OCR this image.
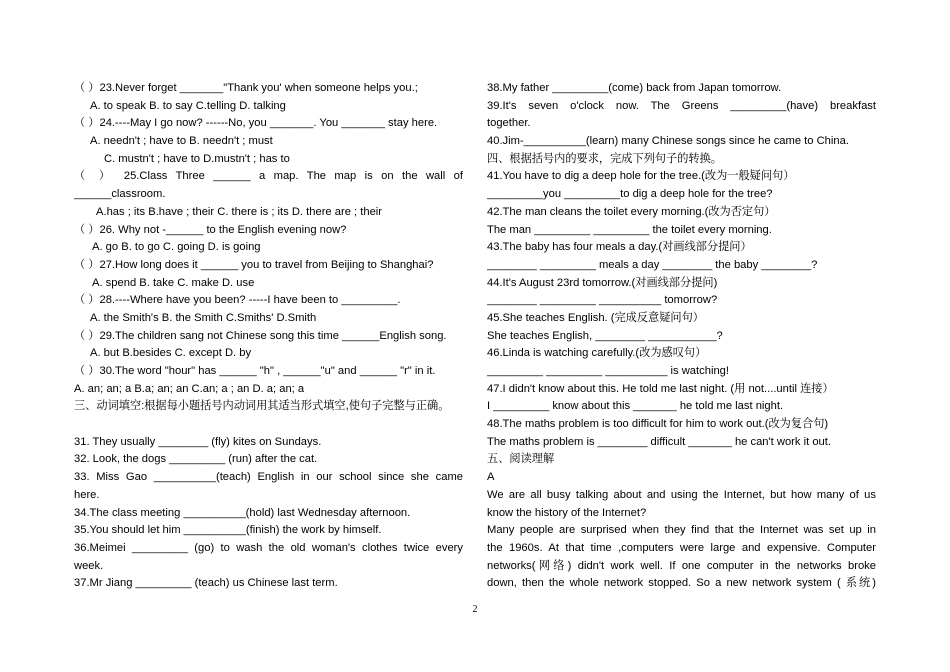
（ ）23.Never forget _______"Thank you' when someone helps you.;
A. to speak B. to say C.telling D. talking
（ ）24.----May I go now? ------No, you _______. You _______ stay here.
A. needn't ; have to B. needn't ; must
C. mustn't ; have to D.mustn't ; has to
（ ） 25.Class Three ______ a map. The map is on the wall of
______classroom.
A.has ; its B.have ; their C. there is ; its D. there are ; their
（ ）26. Why not -______ to the English evening now?
A. go B. to go C. going D. is going
（ ）27.How long does it ______ you to travel from Beijing to Shanghai?
A. spend B. take C. make D. use
（ ）28.----Where have you been? -----I have been to _________.
A. the Smith's B. the Smith C.Smiths' D.Smith
（ ）29.The children sang not Chinese song this time ______English song.
A. but B.besides C. except D. by
（ ）30.The word "hour" has ______ "h" , ______"u" and ______ "r" in it.
A. an; an; a B.a; an; an C.an; a ; an D. a; an; a
三、动词填空:根据每小题括号内动词用其适当形式填空,使句子完整与正确。
31. They usually ________ (fly) kites on Sundays.
32. Look, the dogs _________ (run) after the cat.
33. Miss Gao __________(teach) English in our school since she came
here.
34.The class meeting __________(hold) last Wednesday afternoon.
35.You should let him __________(finish) the work by himself.
36.Meimei _________ (go) to wash the old woman's clothes twice every
week.
37.Mr Jiang _________ (teach) us Chinese last term.
38.My father _________(come) back from Japan tomorrow.
39.It's seven o'clock now. The Greens _________(have) breakfast
together.
40.Jim-__________(learn) many Chinese songs since he came to China.
四、根据括号内的要求，完成下列句子的转换。
41.You have to dig a deep hole for the tree.(改为一般疑问句）
_________you _________to dig a deep hole for the tree?
42.The man cleans the toilet every morning.(改为否定句）
The man _________ _________ the toilet every morning.
43.The baby has four meals a day.(对画线部分提问）
________ _________ meals a day ________ the baby ________?
44.It's August 23rd tomorrow.(对画线部分提问)
________ _________ __________ tomorrow?
45.She teaches English. (完成反意疑问句）
She teaches English, ________ ___________?
46.Linda is watching carefully.(改为感叹句）
_________ _________ __________ is watching!
47.I didn't know about this. He told me last night. (用 not....until 连接）
I _________ know about this _______ he told me last night.
48.The maths problem is too difficult for him to work out.(改为复合句)
The maths problem is ________ difficult _______ he can't work it out.
五、阅读理解
A
We are all busy talking about and using the Internet, but how many of us
know the history of the Internet?
Many people are surprised when they find that the Internet was set up in
the 1960s. At that time ,computers were large and expensive. Computer
networks(网络) didn't work well. If one computer in the networks broke
down, then the whole network stopped. So a new network system ( 系统)
2
